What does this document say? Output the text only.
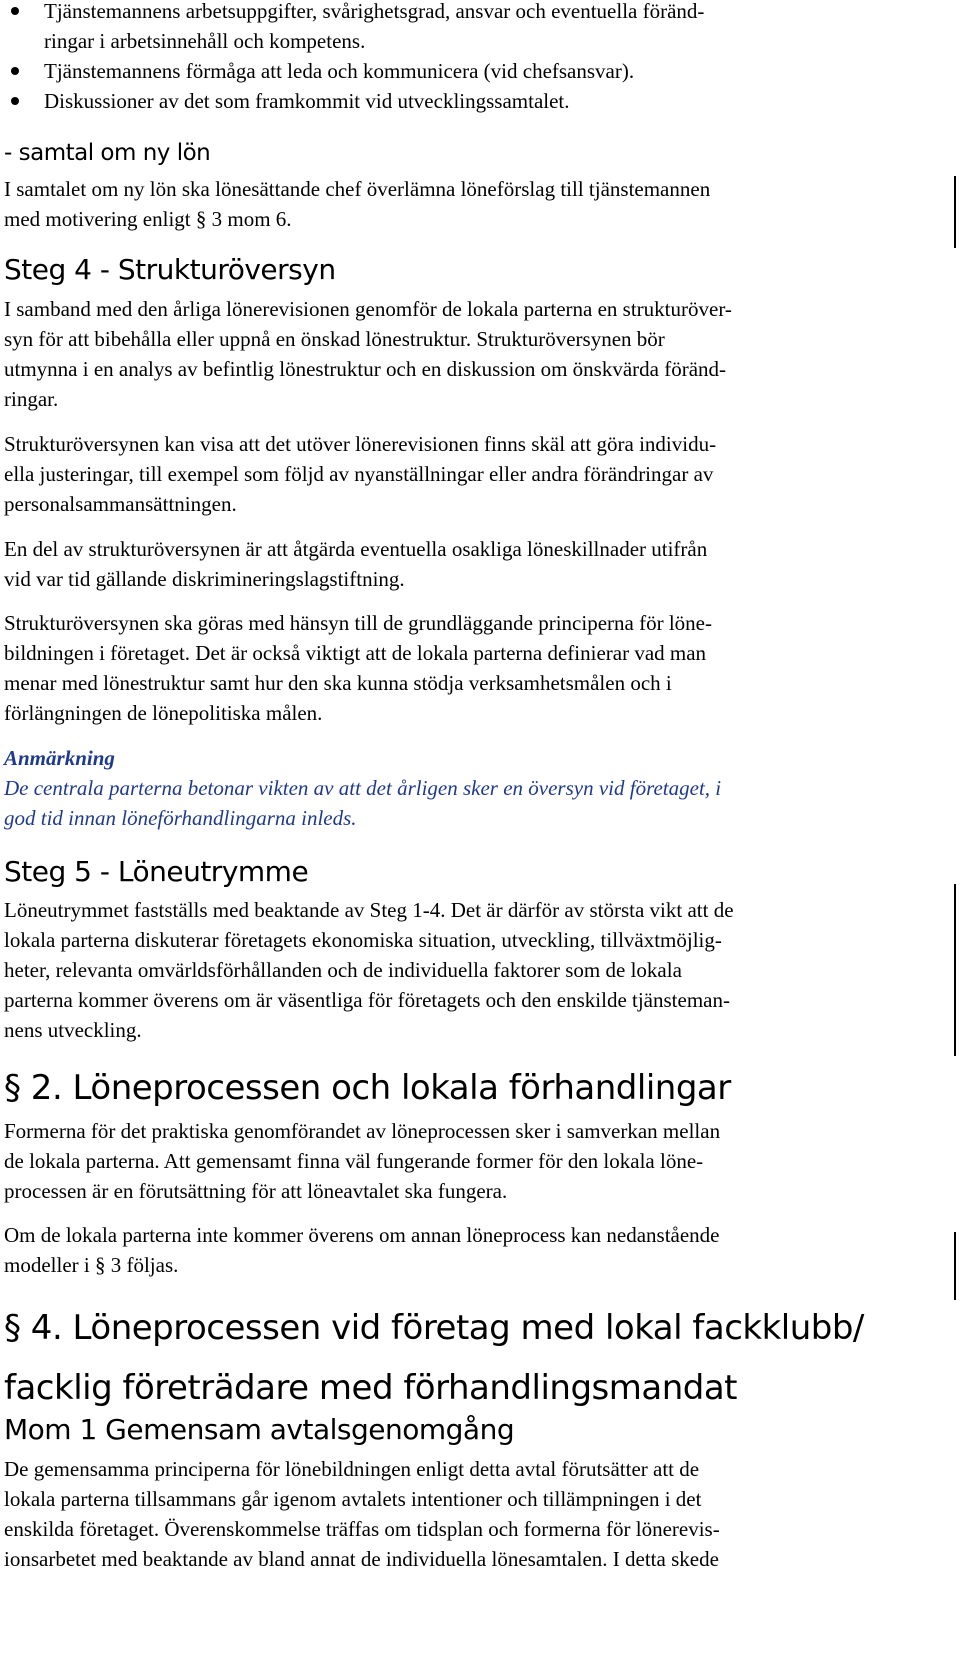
Tjänstemannens arbetsuppgifter, svårighetsgrad, ansvar och eventuella föränd-
ringar i arbetsinnehåll och kompetens.
Tjänstemannens förmåga att leda och kommunicera (vid chefsansvar).
Diskussioner av det som framkommit vid utvecklingssamtalet.
- samtal om ny lön
I samtalet om ny lön ska lönesättande chef överlämna löneförslag till tjänstemannen
med motivering enligt § 3 mom 6.
Steg 4 - Strukturöversyn
I samband med den årliga lönerevisionen genomför de lokala parterna en strukturöver-
syn för att bibehålla eller uppnå en önskad lönestruktur. Strukturöversynen bör
utmynna i en analys av befintlig lönestruktur och en diskussion om önskvärda föränd-
ringar.
Strukturöversynen kan visa att det utöver lönerevisionen finns skäl att göra individu-
ella justeringar, till exempel som följd av nyanställningar eller andra förändringar av
personalsammansättningen.
En del av strukturöversynen är att åtgärda eventuella osakliga löneskillnader utifrån
vid var tid gällande diskrimineringslagstiftning.
Strukturöversynen ska göras med hänsyn till de grundläggande principerna för löne-
bildningen i företaget. Det är också viktigt att de lokala parterna definierar vad man
menar med lönestruktur samt hur den ska kunna stödja verksamhetsmålen och i
förlängningen de lönepolitiska målen.
Anmärkning
De centrala parterna betonar vikten av att det årligen sker en översyn vid företaget, i
god tid innan löneförhandlingarna inleds.
Steg 5 - Löneutrymme
Löneutrymmet fastställs med beaktande av Steg 1-4. Det är därför av största vikt att de
lokala parterna diskuterar företagets ekonomiska situation, utveckling, tillväxtmöjlig-
heter, relevanta omvärldsförhållanden och de individuella faktorer som de lokala
parterna kommer överens om är väsentliga för företagets och den enskilde tjänsteman-
nens utveckling.
§ 2. Löneprocessen och lokala förhandlingar
Formerna för det praktiska genomförandet av löneprocessen sker i samverkan mellan
de lokala parterna. Att gemensamt finna väl fungerande former för den lokala löne-
processen är en förutsättning för att löneavtalet ska fungera.
Om de lokala parterna inte kommer överens om annan löneprocess kan nedanstående
modeller i § 3 följas.
§ 4. Löneprocessen vid företag med lokal fackklubb/
facklig företrädare med förhandlingsmandat
Mom 1 Gemensam avtalsgenomgång
De gemensamma principerna för lönebildningen enligt detta avtal förutsätter att de
lokala parterna tillsammans går igenom avtalets intentioner och tillämpningen i det
enskilda företaget. Överenskommelse träffas om tidsplan och formerna för lönerevis-
ionsarbetet med beaktande av bland annat de individuella lönesamtalen. I detta skede
